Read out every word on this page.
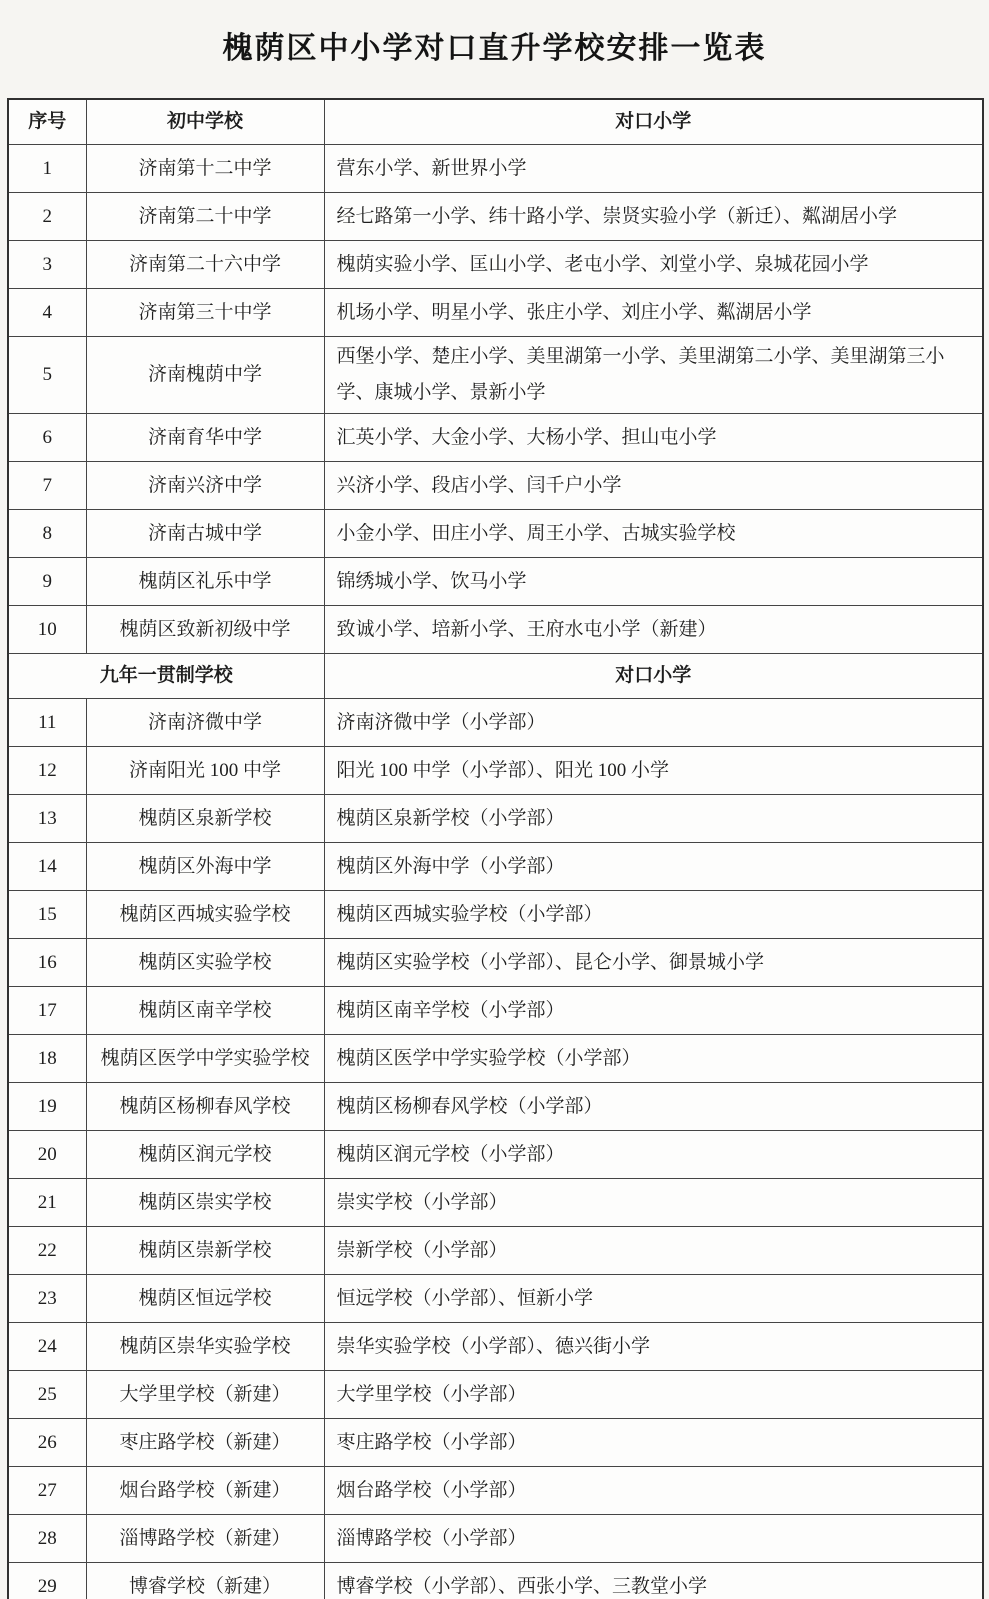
槐荫区中小学对口直升学校安排一览表
序号	初中学校	对口小学
1	济南第十二中学	营东小学、新世界小学
2	济南第二十中学	经七路第一小学、纬十路小学、崇贤实验小学（新迁）、粼湖居小学
3	济南第二十六中学	槐荫实验小学、匡山小学、老屯小学、刘堂小学、泉城花园小学
4	济南第三十中学	机场小学、明星小学、张庄小学、刘庄小学、粼湖居小学
5	济南槐荫中学	西堡小学、楚庄小学、美里湖第一小学、美里湖第二小学、美里湖第三小学、康城小学、景新小学
6	济南育华中学	汇英小学、大金小学、大杨小学、担山屯小学
7	济南兴济中学	兴济小学、段店小学、闫千户小学
8	济南古城中学	小金小学、田庄小学、周王小学、古城实验学校
9	槐荫区礼乐中学	锦绣城小学、饮马小学
10	槐荫区致新初级中学	致诚小学、培新小学、王府水屯小学（新建）
九年一贯制学校		对口小学
11	济南济微中学	济南济微中学（小学部）
12	济南阳光 100 中学	阳光 100 中学（小学部）、阳光 100 小学
13	槐荫区泉新学校	槐荫区泉新学校（小学部）
14	槐荫区外海中学	槐荫区外海中学（小学部）
15	槐荫区西城实验学校	槐荫区西城实验学校（小学部）
16	槐荫区实验学校	槐荫区实验学校（小学部）、昆仑小学、御景城小学
17	槐荫区南辛学校	槐荫区南辛学校（小学部）
18	槐荫区医学中学实验学校	槐荫区医学中学实验学校（小学部）
19	槐荫区杨柳春风学校	槐荫区杨柳春风学校（小学部）
20	槐荫区润元学校	槐荫区润元学校（小学部）
21	槐荫区崇实学校	崇实学校（小学部）
22	槐荫区崇新学校	崇新学校（小学部）
23	槐荫区恒远学校	恒远学校（小学部）、恒新小学
24	槐荫区崇华实验学校	崇华实验学校（小学部）、德兴街小学
25	大学里学校（新建）	大学里学校（小学部）
26	枣庄路学校（新建）	枣庄路学校（小学部）
27	烟台路学校（新建）	烟台路学校（小学部）
28	淄博路学校（新建）	淄博路学校（小学部）
29	博睿学校（新建）	博睿学校（小学部）、西张小学、三教堂小学
